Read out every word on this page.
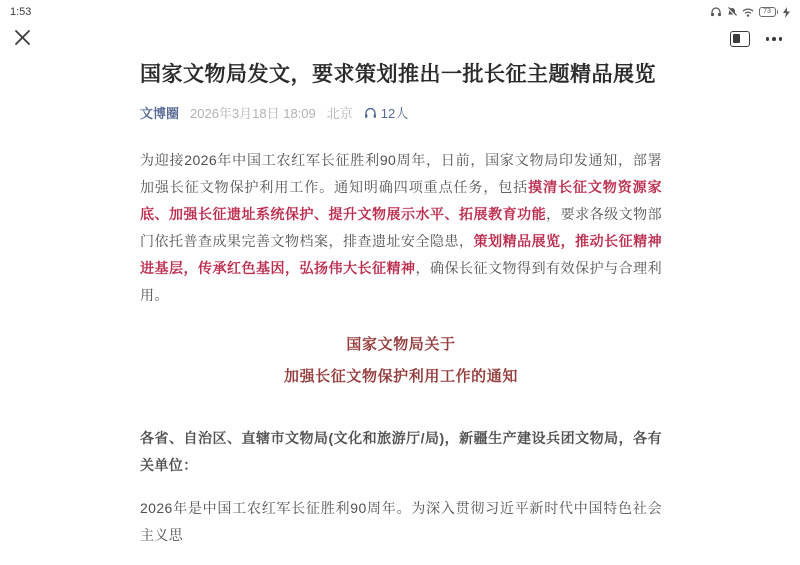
1:53	73
国家文物局发文，要求策划推出一批长征主题精品展览
文博圈 2026年3月18日 18:09 北京 12人

为迎接2026年中国工农红军长征胜利90周年，日前，国家文物局印发通知，部署加强长征文物保护利用工作。通知明确四项重点任务，包括摸清长征文物资源家底、加强长征遗址系统保护、提升文物展示水平、拓展教育功能，要求各级文物部门依托普查成果完善文物档案，排查遗址安全隐患，策划精品展览，推动长征精神进基层，传承红色基因，弘扬伟大长征精神，确保长征文物得到有效保护与合理利用。

国家文物局关于
加强长征文物保护利用工作的通知

各省、自治区、直辖市文物局(文化和旅游厅/局)，新疆生产建设兵团文物局，各有关单位：

2026年是中国工农红军长征胜利90周年。为深入贯彻习近平新时代中国特色社会主义思
